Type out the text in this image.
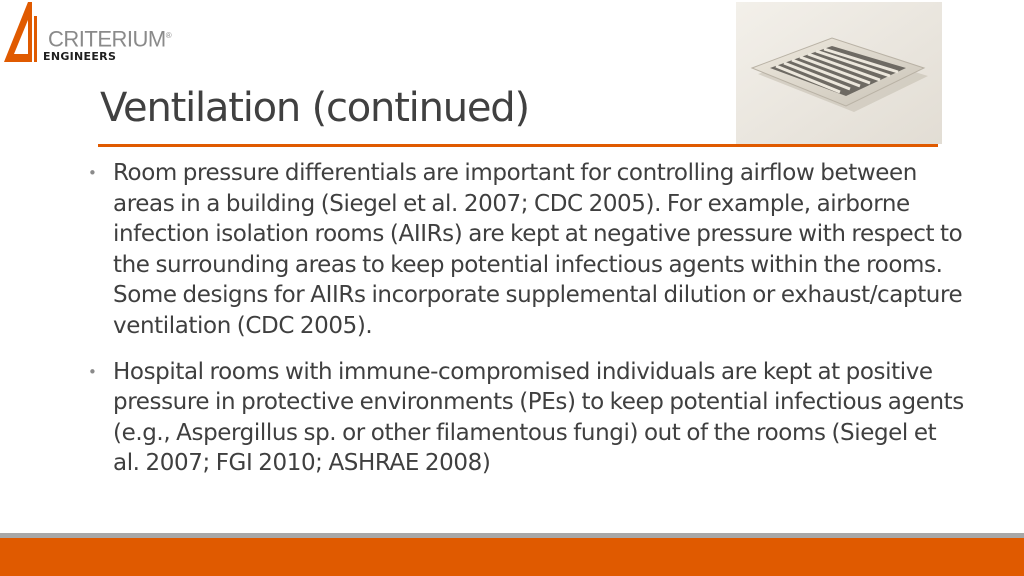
CRITERIUM®
ENGINEERS
Ventilation (continued)
• Room pressure differentials are important for controlling airflow between areas in a building (Siegel et al. 2007; CDC 2005). For example, airborne infection isolation rooms (AIIRs) are kept at negative pressure with respect to the surrounding areas to keep potential infectious agents within the rooms. Some designs for AIIRs incorporate supplemental dilution or exhaust/capture ventilation (CDC 2005).
• Hospital rooms with immune-compromised individuals are kept at positive pressure in protective environments (PEs) to keep potential infectious agents (e.g., Aspergillus sp. or other filamentous fungi) out of the rooms (Siegel et al. 2007; FGI 2010; ASHRAE 2008)
